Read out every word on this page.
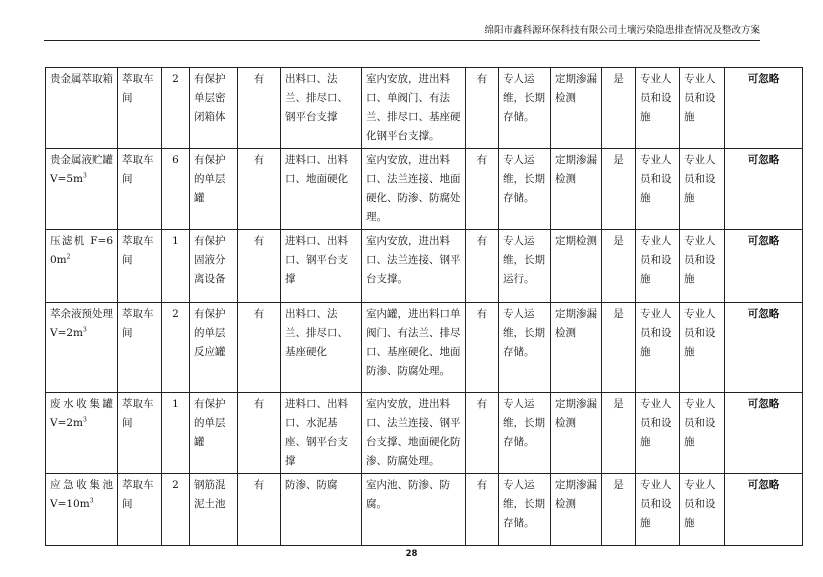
绵阳市鑫科源环保科技有限公司土壤污染隐患排查情况及整改方案
贵金属萃取箱	萃取车间	2	有保护单层密闭箱体	有	出料口、法兰、排尽口、钢平台支撑	室内安放，进出料口、单阀门、有法兰、排尽口、基座硬化钢平台支撑。	有	专人运维，长期存储。	定期渗漏检测	是	专业人员和设施	专业人员和设施	可忽略
贵金属液贮罐 $V=5m^3$	萃取车间	6	有保护的单层罐	有	进料口、出料口、地面硬化	室内安放，进出料口、法兰连接、地面硬化、防渗、防腐处理。	有	专人运维，长期存储。	定期渗漏检测	是	专业人员和设施	专业人员和设施	可忽略
压滤机 $F=60m^2$	萃取车间	1	有保护固液分离设备	有	进料口、出料口、钢平台支撑	室内安放，进出料口、法兰连接、钢平台支撑。	有	专人运维，长期运行。	定期检测	是	专业人员和设施	专业人员和设施	可忽略
萃余液预处理 $V=2m^3$	萃取车间	2	有保护的单层反应罐	有	出料口、法兰、排尽口、基座硬化	室内罐，进出料口单阀门、有法兰、排尽口、基座硬化、地面防渗、防腐处理。	有	专人运维，长期存储。	定期渗漏检测	是	专业人员和设施	专业人员和设施	可忽略
废水收集罐 $V=2m^3$	萃取车间	1	有保护的单层罐	有	进料口、出料口、水泥基座、钢平台支撑	室内安放，进出料口、法兰连接、钢平台支撑、地面硬化防渗、防腐处理。	有	专人运维，长期存储。	定期渗漏检测	是	专业人员和设施	专业人员和设施	可忽略
应急收集池 $V=10m^3$	萃取车间	2	钢筋混泥土池	有	防渗、防腐	室内池、防渗、防腐。	有	专人运维，长期存储。	定期渗漏检测	是	专业人员和设施	专业人员和设施	可忽略
28
